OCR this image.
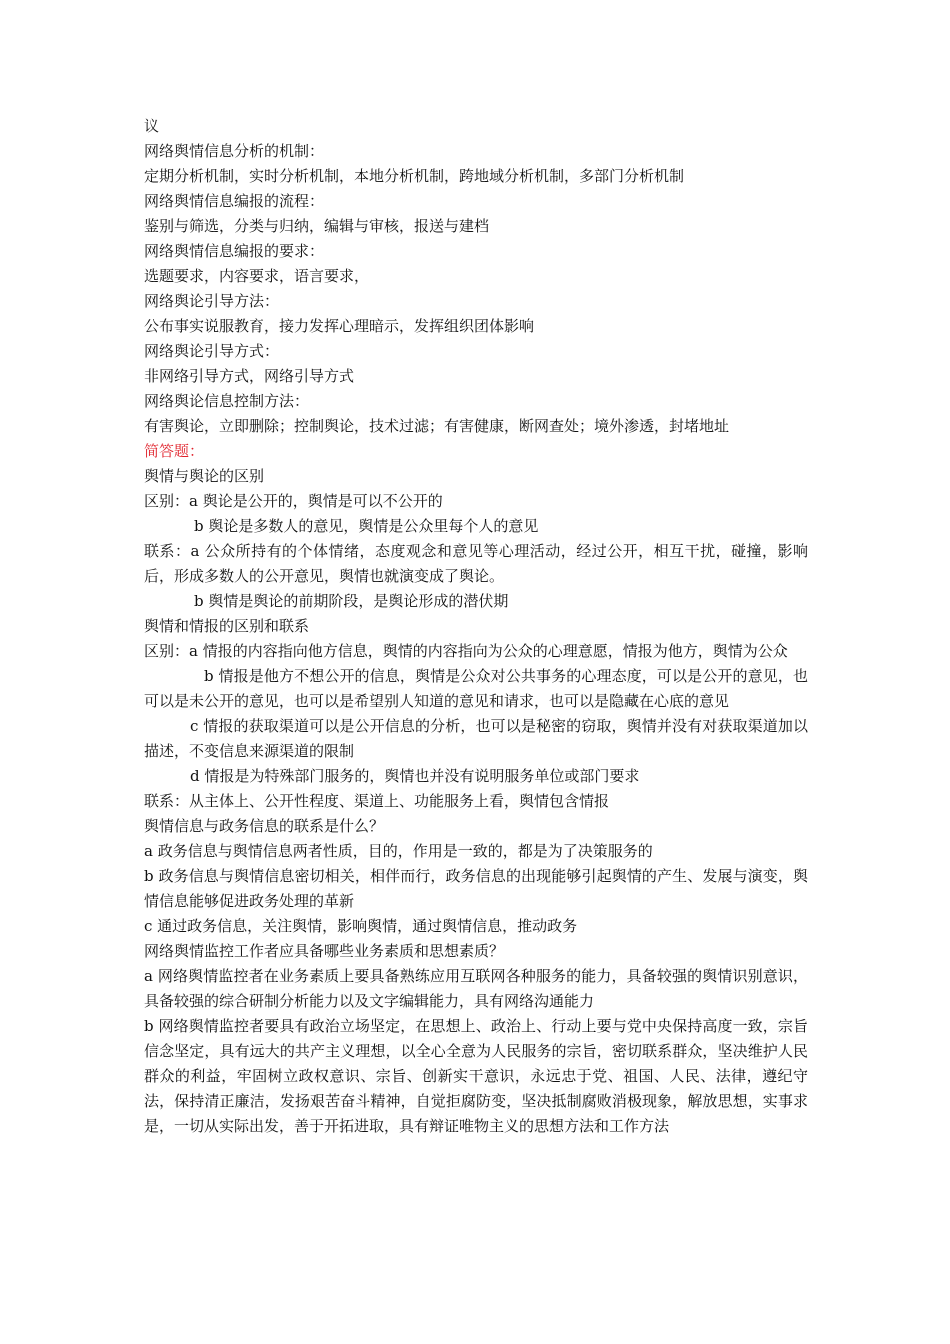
议
网络舆情信息分析的机制：
定期分析机制，实时分析机制，本地分析机制，跨地域分析机制，多部门分析机制
网络舆情信息编报的流程：
鉴别与筛选，分类与归纳，编辑与审核，报送与建档
网络舆情信息编报的要求：
选题要求，内容要求，语言要求，
网络舆论引导方法：
公布事实说服教育，接力发挥心理暗示，发挥组织团体影响
网络舆论引导方式：
非网络引导方式，网络引导方式
网络舆论信息控制方法：
有害舆论，立即删除；控制舆论，技术过滤；有害健康，断网查处；境外渗透，封堵地址
简答题：
舆情与舆论的区别
区别：a 舆论是公开的，舆情是可以不公开的
b 舆论是多数人的意见，舆情是公众里每个人的意见
联系：a 公众所持有的个体情绪，态度观念和意见等心理活动，经过公开，相互干扰，碰撞，影响后，形成多数人的公开意见，舆情也就演变成了舆论。
b 舆情是舆论的前期阶段，是舆论形成的潜伏期
舆情和情报的区别和联系
区别：a 情报的内容指向他方信息，舆情的内容指向为公众的心理意愿，情报为他方，舆情为公众
b 情报是他方不想公开的信息，舆情是公众对公共事务的心理态度，可以是公开的意见，也可以是未公开的意见，也可以是希望别人知道的意见和请求，也可以是隐藏在心底的意见
c 情报的获取渠道可以是公开信息的分析，也可以是秘密的窃取，舆情并没有对获取渠道加以描述，不变信息来源渠道的限制
d 情报是为特殊部门服务的，舆情也并没有说明服务单位或部门要求
联系：从主体上、公开性程度、渠道上、功能服务上看，舆情包含情报
舆情信息与政务信息的联系是什么？
a 政务信息与舆情信息两者性质，目的，作用是一致的，都是为了决策服务的
b 政务信息与舆情信息密切相关，相伴而行，政务信息的出现能够引起舆情的产生、发展与演变，舆情信息能够促进政务处理的革新
c 通过政务信息，关注舆情，影响舆情，通过舆情信息，推动政务
网络舆情监控工作者应具备哪些业务素质和思想素质？
a 网络舆情监控者在业务素质上要具备熟练应用互联网各种服务的能力，具备较强的舆情识别意识，具备较强的综合研制分析能力以及文字编辑能力，具有网络沟通能力
b 网络舆情监控者要具有政治立场坚定，在思想上、政治上、行动上要与党中央保持高度一致，宗旨信念坚定，具有远大的共产主义理想，以全心全意为人民服务的宗旨，密切联系群众，坚决维护人民群众的利益，牢固树立政权意识、宗旨、创新实干意识，永远忠于党、祖国、人民、法律，遵纪守法，保持清正廉洁，发扬艰苦奋斗精神，自觉拒腐防变，坚决抵制腐败消极现象，解放思想，实事求是，一切从实际出发，善于开拓进取，具有辩证唯物主义的思想方法和工作方法
